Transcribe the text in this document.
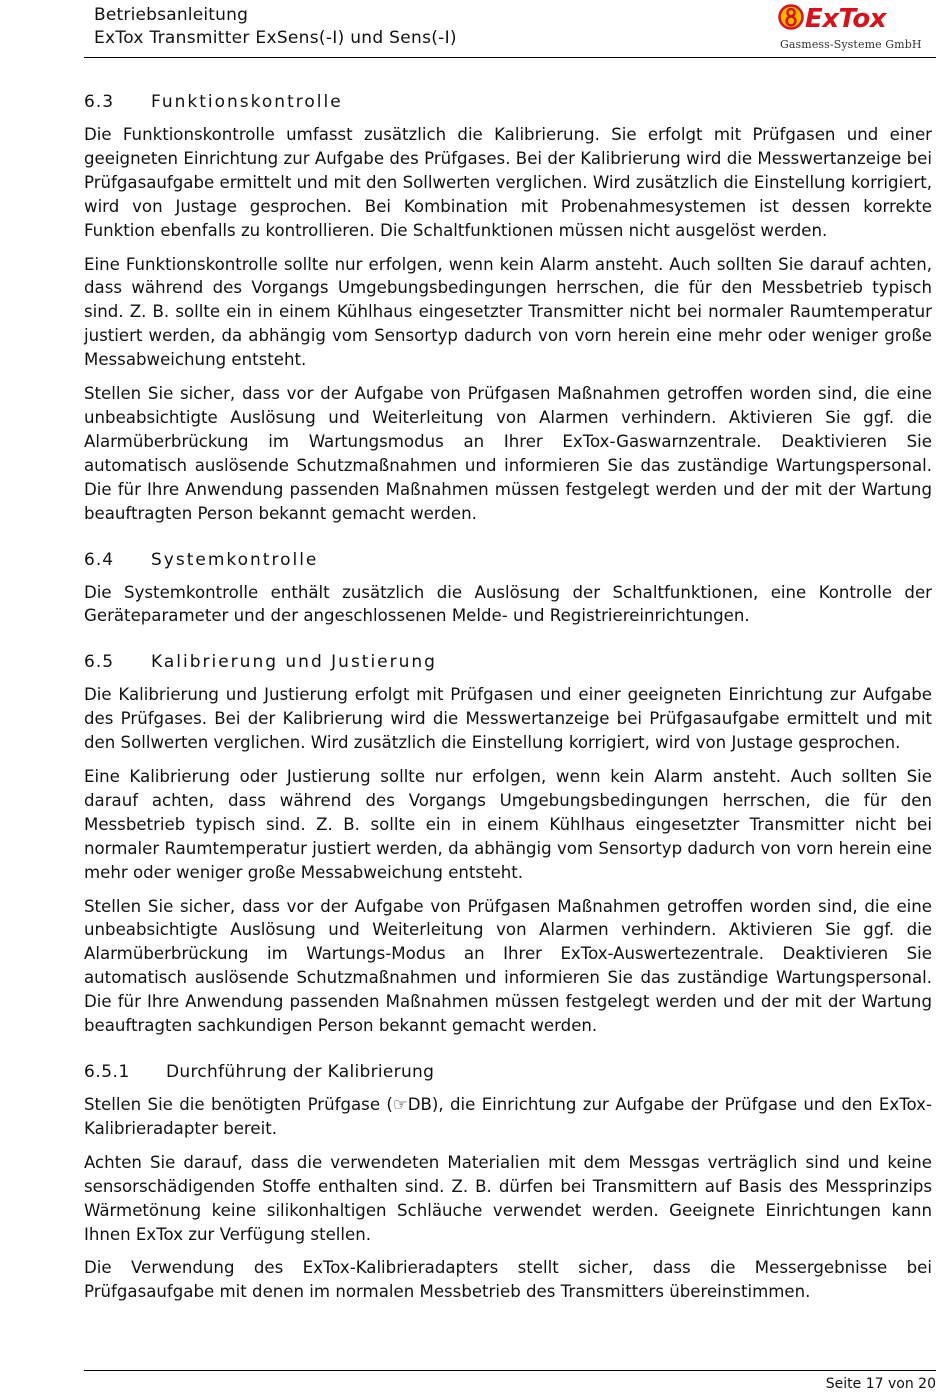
Betriebsanleitung
ExTox Transmitter ExSens(-I) und Sens(-I)
ExTox
Gasmess-Systeme GmbH
6.3 Funktionskontrolle

Die Funktionskontrolle umfasst zusätzlich die Kalibrierung. Sie erfolgt mit Prüfgasen und einer geeigneten Einrichtung zur Aufgabe des Prüfgases. Bei der Kalibrierung wird die Messwertanzeige bei Prüfgasaufgabe ermittelt und mit den Sollwerten verglichen. Wird zusätzlich die Einstellung korrigiert, wird von Justage gesprochen. Bei Kombination mit Probenahmesystemen ist dessen korrekte Funktion ebenfalls zu kontrollieren. Die Schaltfunktionen müssen nicht ausgelöst werden.

Eine Funktionskontrolle sollte nur erfolgen, wenn kein Alarm ansteht. Auch sollten Sie darauf achten, dass während des Vorgangs Umgebungsbedingungen herrschen, die für den Messbetrieb typisch sind. Z. B. sollte ein in einem Kühlhaus eingesetzter Transmitter nicht bei normaler Raumtemperatur justiert werden, da abhängig vom Sensortyp dadurch von vorn herein eine mehr oder weniger große Messabweichung entsteht.

Stellen Sie sicher, dass vor der Aufgabe von Prüfgasen Maßnahmen getroffen worden sind, die eine unbeabsichtigte Auslösung und Weiterleitung von Alarmen verhindern. Aktivieren Sie ggf. die Alarmüberbrückung im Wartungsmodus an Ihrer ExTox-Gaswarnzentrale. Deaktivieren Sie automatisch auslösende Schutzmaßnahmen und informieren Sie das zuständige Wartungspersonal. Die für Ihre Anwendung passenden Maßnahmen müssen festgelegt werden und der mit der Wartung beauftragten Person bekannt gemacht werden.

6.4 Systemkontrolle

Die Systemkontrolle enthält zusätzlich die Auslösung der Schaltfunktionen, eine Kontrolle der Geräteparameter und der angeschlossenen Melde- und Registriereinrichtungen.

6.5 Kalibrierung und Justierung

Die Kalibrierung und Justierung erfolgt mit Prüfgasen und einer geeigneten Einrichtung zur Aufgabe des Prüfgases. Bei der Kalibrierung wird die Messwertanzeige bei Prüfgasaufgabe ermittelt und mit den Sollwerten verglichen. Wird zusätzlich die Einstellung korrigiert, wird von Justage gesprochen.

Eine Kalibrierung oder Justierung sollte nur erfolgen, wenn kein Alarm ansteht. Auch sollten Sie darauf achten, dass während des Vorgangs Umgebungsbedingungen herrschen, die für den Messbetrieb typisch sind. Z. B. sollte ein in einem Kühlhaus eingesetzter Transmitter nicht bei normaler Raumtemperatur justiert werden, da abhängig vom Sensortyp dadurch von vorn herein eine mehr oder weniger große Messabweichung entsteht.

Stellen Sie sicher, dass vor der Aufgabe von Prüfgasen Maßnahmen getroffen worden sind, die eine unbeabsichtigte Auslösung und Weiterleitung von Alarmen verhindern. Aktivieren Sie ggf. die Alarmüberbrückung im Wartungs-Modus an Ihrer ExTox-Auswertezentrale. Deaktivieren Sie automatisch auslösende Schutzmaßnahmen und informieren Sie das zuständige Wartungspersonal. Die für Ihre Anwendung passenden Maßnahmen müssen festgelegt werden und der mit der Wartung beauftragten sachkundigen Person bekannt gemacht werden.

6.5.1 Durchführung der Kalibrierung

Stellen Sie die benötigten Prüfgase (☞DB), die Einrichtung zur Aufgabe der Prüfgase und den ExTox-Kalibrieradapter bereit.

Achten Sie darauf, dass die verwendeten Materialien mit dem Messgas verträglich sind und keine sensorschädigenden Stoffe enthalten sind. Z. B. dürfen bei Transmittern auf Basis des Messprinzips Wärmetönung keine silikonhaltigen Schläuche verwendet werden. Geeignete Einrichtungen kann Ihnen ExTox zur Verfügung stellen.

Die Verwendung des ExTox-Kalibrieradapters stellt sicher, dass die Messergebnisse bei Prüfgasaufgabe mit denen im normalen Messbetrieb des Transmitters übereinstimmen.

Seite 17 von 20
